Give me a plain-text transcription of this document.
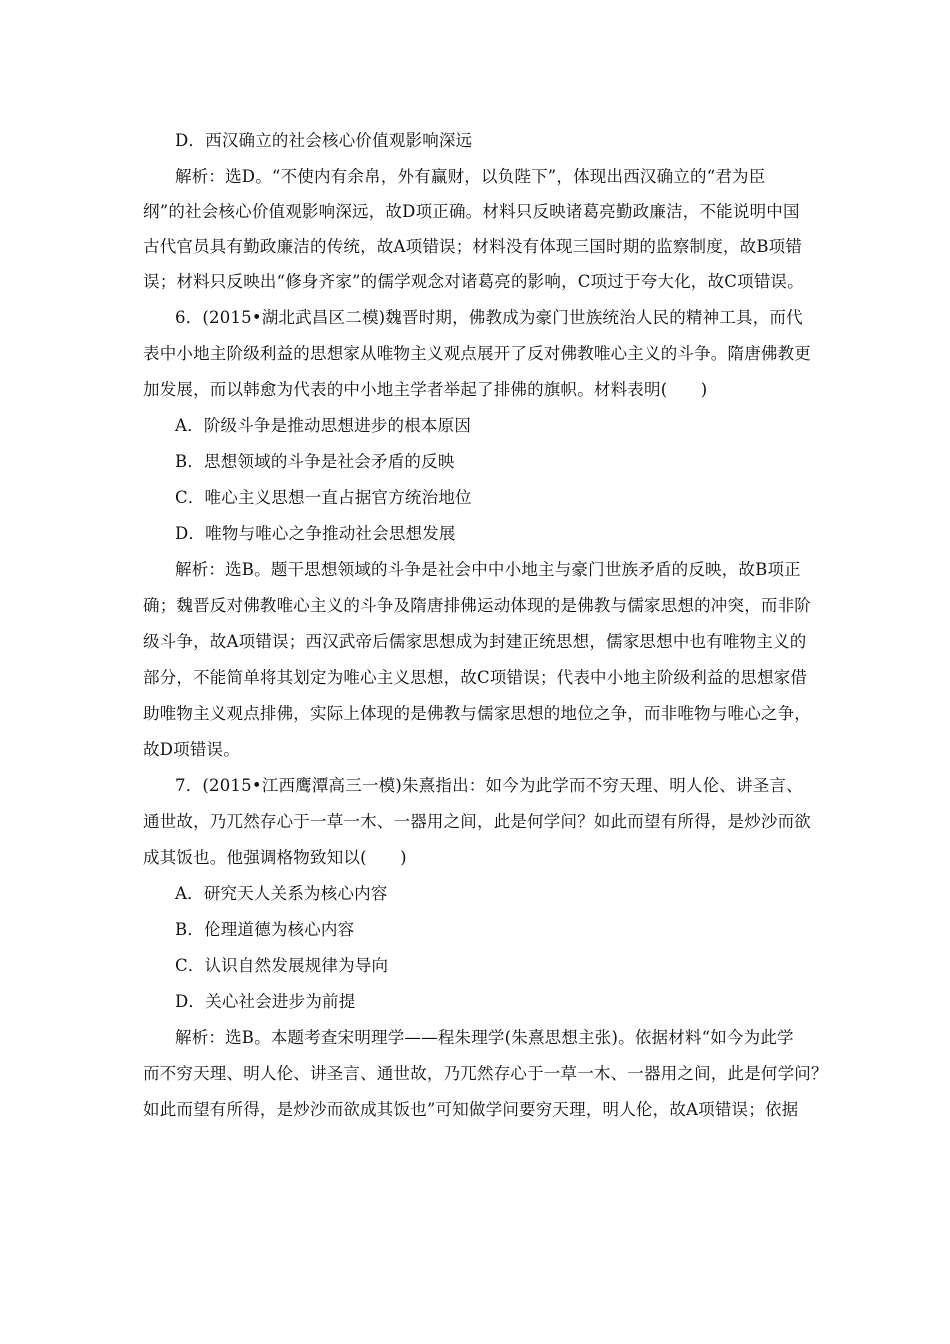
D．西汉确立的社会核心价值观影响深远
解析：选D。“不使内有余帛，外有赢财，以负陛下”，体现出西汉确立的“君为臣
纲”的社会核心价值观影响深远，故D项正确。材料只反映诸葛亮勤政廉洁，不能说明中国
古代官员具有勤政廉洁的传统，故A项错误；材料没有体现三国时期的监察制度，故B项错
误；材料只反映出“修身齐家”的儒学观念对诸葛亮的影响，C项过于夸大化，故C项错误。
6．(2015•湖北武昌区二模)魏晋时期，佛教成为豪门世族统治人民的精神工具，而代
表中小地主阶级利益的思想家从唯物主义观点展开了反对佛教唯心主义的斗争。隋唐佛教更
加发展，而以韩愈为代表的中小地主学者举起了排佛的旗帜。材料表明(　　)
A．阶级斗争是推动思想进步的根本原因
B．思想领域的斗争是社会矛盾的反映
C．唯心主义思想一直占据官方统治地位
D．唯物与唯心之争推动社会思想发展
解析：选B。题干思想领域的斗争是社会中中小地主与豪门世族矛盾的反映，故B项正
确；魏晋反对佛教唯心主义的斗争及隋唐排佛运动体现的是佛教与儒家思想的冲突，而非阶
级斗争，故A项错误；西汉武帝后儒家思想成为封建正统思想，儒家思想中也有唯物主义的
部分，不能简单将其划定为唯心主义思想，故C项错误；代表中小地主阶级利益的思想家借
助唯物主义观点排佛，实际上体现的是佛教与儒家思想的地位之争，而非唯物与唯心之争，
故D项错误。
7．(2015•江西鹰潭高三一模)朱熹指出：如今为此学而不穷天理、明人伦、讲圣言、
通世故，乃兀然存心于一草一木、一器用之间，此是何学问？如此而望有所得，是炒沙而欲
成其饭也。他强调格物致知以(　　)
A．研究天人关系为核心内容
B．伦理道德为核心内容
C．认识自然发展规律为导向
D．关心社会进步为前提
解析：选B。本题考查宋明理学——程朱理学(朱熹思想主张)。依据材料“如今为此学
而不穷天理、明人伦、讲圣言、通世故，乃兀然存心于一草一木、一器用之间，此是何学问？
如此而望有所得，是炒沙而欲成其饭也”可知做学问要穷天理，明人伦，故A项错误；依据
